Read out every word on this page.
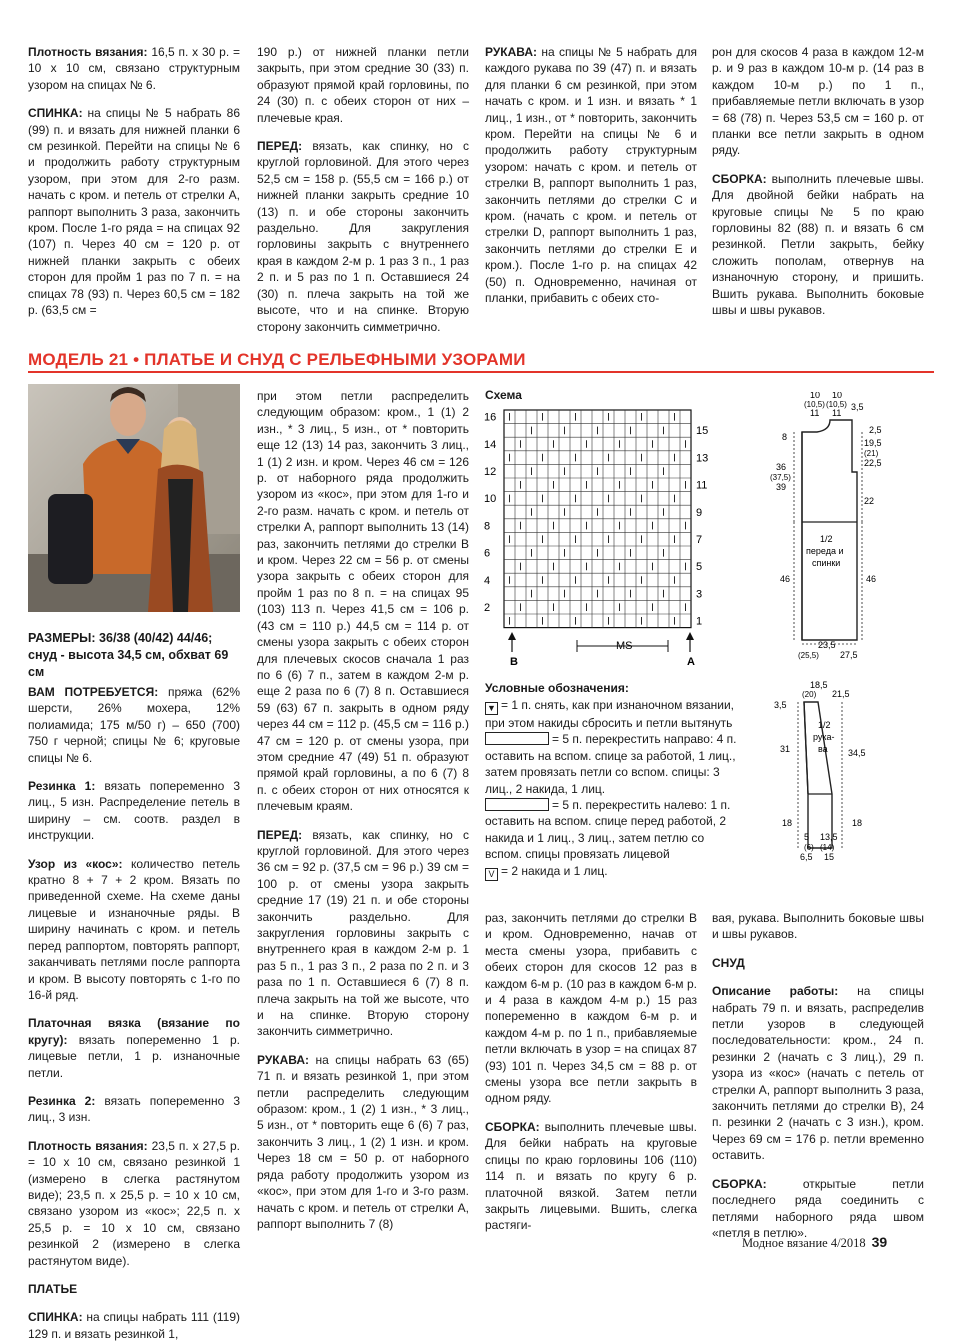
Плотность вязания: 16,5 п. х 30 р. = 10 х 10 см, связано структурным узором на спицах № 6.

СПИНКА: на спицы № 5 набрать 86 (99) п. и вязать для нижней планки 6 см резинкой. Перейти на спицы № 6 и продолжить работу структурным узором, при этом для 2-го разм. начать с кром. и петель от стрелки А, раппорт выполнить 3 раза, закончить кром. После 1-го ряда = на спицах 92 (107) п. Через 40 см = 120 р. от нижней планки закрыть с обеих сторон для пройм 1 раз по 7 п. = на спицах 78 (93) п. Через 60,5 см = 182 р. (63,5 см =

190 р.) от нижней планки петли закрыть, при этом средние 30 (33) п. образуют прямой край горловины, по 24 (30) п. с обеих сторон от них – плечевые края.

ПЕРЕД: вязать, как спинку, но с круглой горловиной. Для этого через 52,5 см = 158 р. (55,5 см = 166 р.) от нижней планки закрыть средние 10 (13) п. и обе стороны закончить раздельно. Для закругления горловины закрыть с внутреннего края в каждом 2-м р. 1 раз 3 п., 1 раз 2 п. и 5 раз по 1 п. Оставшиеся 24 (30) п. плеча закрыть на той же высоте, что и на спинке. Вторую сторону закончить симметрично.

РУКАВА: на спицы № 5 набрать для каждого рукава по 39 (47) п. и вязать для планки 6 см резинкой, при этом начать с кром. и 1 изн. и вязать * 1 лиц., 1 изн., от * повторить, закончить кром. Перейти на спицы № 6 и продолжить работу структурным узором: начать с кром. и петель от стрелки В, раппорт выполнить 1 раз, закончить петлями до стрелки С и кром. (начать с кром. и петель от стрелки D, раппорт выполнить 1 раз, закончить петлями до стрелки Е и кром.). После 1-го р. на спицах 42 (50) п. Одновременно, начиная от планки, прибавить с обеих сто-

рон для скосов 4 раза в каждом 12-м р. и 9 раз в каждом 10-м р. (14 раз в каждом 10-м р.) по 1 п., прибавляемые петли включать в узор = 68 (78) п. Через 53,5 см = 160 р. от планки все петли закрыть в одном ряду.

СБОРКА: выполнить плечевые швы. Для двойной бейки набрать на круговые спицы № 5 по краю горловины 82 (88) п. и вязать 6 см резинкой. Петли закрыть, бейку сложить пополам, отвернув на изнаночную сторону, и пришить. Вшить рукава. Выполнить боковые швы и швы рукавов.

МОДЕЛЬ 21 • ПЛАТЬЕ И СНУД С РЕЛЬЕФНЫМИ УЗОРАМИ
РАЗМЕРЫ: 36/38 (40/42) 44/46; снуд - высота 34,5 см, обхват 69 см

ВАМ ПОТРЕБУЕТСЯ: пряжа (62% шерсти, 26% мохера, 12% полиамида; 175 м/50 г) – 650 (700) 750 г черной; спицы № 6; круговые спицы № 6.

Резинка 1: вязать попеременно 3 лиц., 5 изн. Распределение петель в ширину – см. соотв. раздел в инструкции.

Узор из «кос»: количество петель кратно 8 + 7 + 2 кром. Вязать по приведенной схеме. На схеме даны лицевые и изнаночные ряды. В ширину начинать с кром. и петель перед раппортом, повторять раппорт, заканчивать петлями после раппорта и кром. В высоту повторять с 1-го по 16-й ряд.

Платочная вязка (вязание по кругу): вязать попеременно 1 р. лицевые петли, 1 р. изнаночные петли.

Резинка 2: вязать попеременно 3 лиц., 3 изн.

Плотность вязания: 23,5 п. х 27,5 р. = 10 х 10 см, связано резинкой 1 (измерено в слегка растянутом виде); 23,5 п. х 25,5 р. = 10 х 10 см, связано узором из «кос»; 22,5 п. х 25,5 р. = 10 х 10 см, связано резинкой 2 (измерено в слегка растянутом виде).

ПЛАТЬЕ

СПИНКА: на спицы набрать 111 (119) 129 п. и вязать резинкой 1,

при этом петли распределить следующим образом: кром., 1 (1) 2 изн., * 3 лиц., 5 изн., от * повторить еще 12 (13) 14 раз, закончить 3 лиц., 1 (1) 2 изн. и кром. Через 46 см = 126 р. от наборного ряда продолжить узором из «кос», при этом для 1-го и 2-го разм. начать с кром. и петель от стрелки А, раппорт выполнить 13 (14) раз, закончить петлями до стрелки В и кром. Через 22 см = 56 р. от смены узора закрыть с обеих сторон для пройм 1 раз по 8 п. = на спицах 95 (103) 113 п. Через 41,5 см = 106 р. (43 см = 110 р.) 44,5 см = 114 р. от смены узора закрыть с обеих сторон для плечевых скосов сначала 1 раз по 6 (6) 7 п., затем в каждом 2-м р. еще 2 раза по 6 (7) 8 п. Оставшиеся 59 (63) 67 п. закрыть в одном ряду через 44 см = 112 р. (45,5 см = 116 р.) 47 см = 120 р. от смены узора, при этом средние 47 (49) 51 п. образуют прямой край горловины, а по 6 (7) 8 п. с обеих сторон от них относятся к плечевым краям.

ПЕРЕД: вязать, как спинку, но с круглой горловиной. Для этого через 36 см = 92 р. (37,5 см = 96 р.) 39 см = 100 р. от смены узора закрыть средние 17 (19) 21 п. и обе стороны закончить раздельно. Для закругления горловины закрыть с внутреннего края в каждом 2-м р. 1 раз 5 п., 1 раз 3 п., 2 раза по 2 п. и 3 раза по 1 п. Оставшиеся 6 (7) 8 п. плеча закрыть на той же высоте, что и на спинке. Вторую сторону закончить симметрично.

РУКАВА: на спицы набрать 63 (65) 71 п. и вязать резинкой 1, при этом петли распределить следующим образом: кром., 1 (2) 1 изн., * 3 лиц., 5 изн., от * повторить еще 6 (6) 7 раз, закончить 3 лиц., 1 (2) 1 изн. и кром. Через 18 см = 50 р. от наборного ряда работу продолжить узором из «кос», при этом для 1-го и 3-го разм. начать с кром. и петель от стрелки А, раппорт выполнить 7 (8)

раз, закончить петлями до стрелки В и кром. Одновременно, начав от места смены узора, прибавить с обеих сторон для скосов 12 раз в каждом 6-м р. (10 раз в каждом 6-м р. и 4 раза в каждом 4-м р.) 15 раз попеременно в каждом 6-м р. и каждом 4-м р. по 1 п., прибавляемые петли включать в узор = на спицах 87 (93) 101 п. Через 34,5 см = 88 р. от смены узора все петли закрыть в одном ряду.

СБОРКА: выполнить плечевые швы. Для бейки набрать на круговые спицы по краю горловины 106 (110) 114 п. и вязать по кругу 6 р. платочной вязкой. Затем петли закрыть лицевыми. Вшить, слегка растяги-

вая, рукава. Выполнить боковые швы и швы рукавов.

СНУД

Описание работы: на спицы набрать 79 п. и вязать, распределив петли узоров в следующей последовательности: кром., 24 п. резинки 2 (начать с 3 лиц.), 29 п. узора из «кос» (начать с петель от стрелки А, раппорт выполнить 3 раза, закончить петлями до стрелки В), 24 п. резинки 2 (начать с 3 изн.), кром. Через 69 см = 176 р. петли временно оставить.

СБОРКА: открытые петли последнего ряда соединить с петлями наборного ряда швом «петля в петлю».

Схема
16
14
12
10
8
6
4
2
15
13
11
9
7
5
3
1
B	A
MS
Условные обозначения:

▼ = 1 п. снять, как при изнаночном вязании, при этом накиды сбросить и петли вытянуть

= 5 п. перекрестить направо: 4 п. оставить на вспом. спице за работой, 1 лиц., затем провязать петли со вспом. спицы: 3 лиц., 2 накида, 1 лиц.

= 5 п. перекрестить налево: 1 п. оставить на вспом. спице перед работой, 2 накида и 1 лиц., 3 лиц., затем петлю со вспом. спицы провязать лицевой

V = 2 накида и 1 лиц.

10
(10,5)
11
10
(10,5)
11
3,5
2,5
8
36
(37,5)
39
19,5
(21)
22,5
22
1/2
переда и
спинки
46	46
23,5
(25,5) 27,5
18,5
(20) 21,5
3,5
31
1/2
рука-
ва 34,5
18	18
5
(6)
6,5
13,5
(14)
15
Модное вязание 4/2018 39
